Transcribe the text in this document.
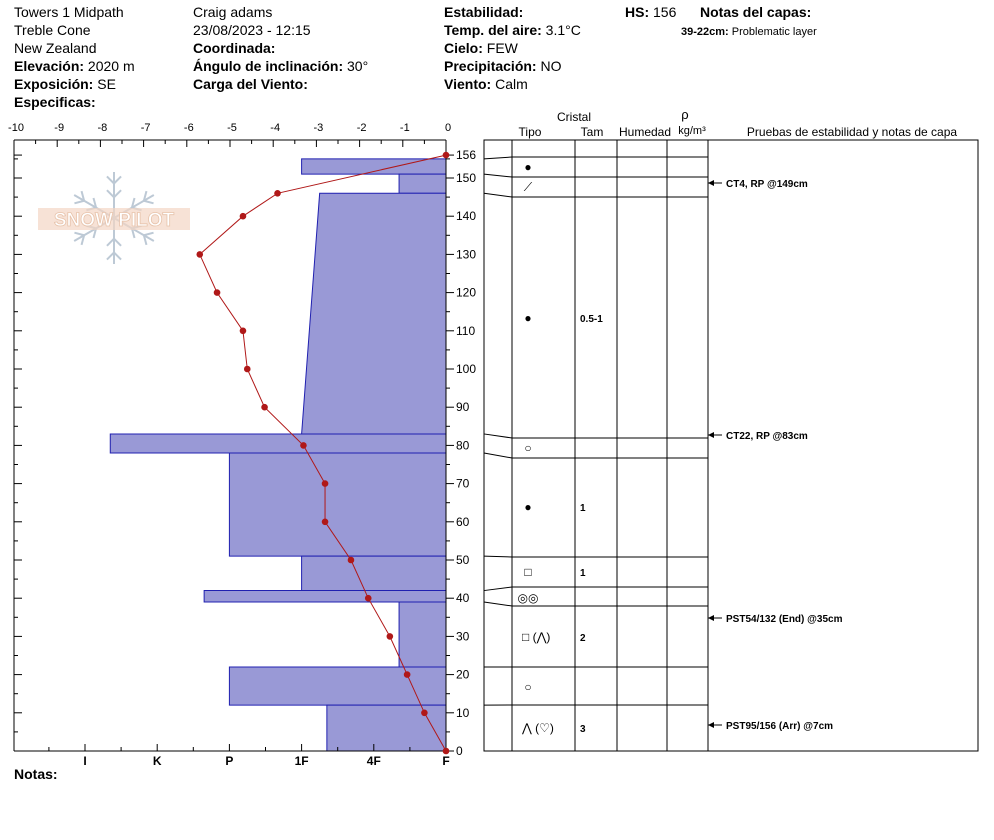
Towers 1 Midpath
Treble Cone
New Zealand
Elevación: 2020 m
Exposición: SE
Especificas:
Craig adams
23/08/2023 - 12:15
Coordinada:
Ángulo de inclinación: 30°
Carga del Viento:
Estabilidad:
Temp. del aire: 3.1°C
Cielo: FEW
Precipitación: NO
Viento: Calm
HS: 156 Notas del capas:
39-22cm: Problematic layer
Notas:
SNOW PILOT
-10	-9	-8	-7	-6	-5	-4	-3	-2	-1	0
I	K	P	1F	4F	F
0
10
20
30
40
50
60
70
80
90
100
110
120
130
140
150
156
Cristal
Tipo	Tam Humedad
ρ
kg/m³	Pruebas de estabilidad y notas de capa
●
⟋
●	0.5-1
○
●	1
□	1
◎◎
□ (⋀)	2
○
⋀ (♡)	3
CT4, RP @149cm
CT22, RP @83cm
PST54/132 (End) @35cm
PST95/156 (Arr) @7cm
